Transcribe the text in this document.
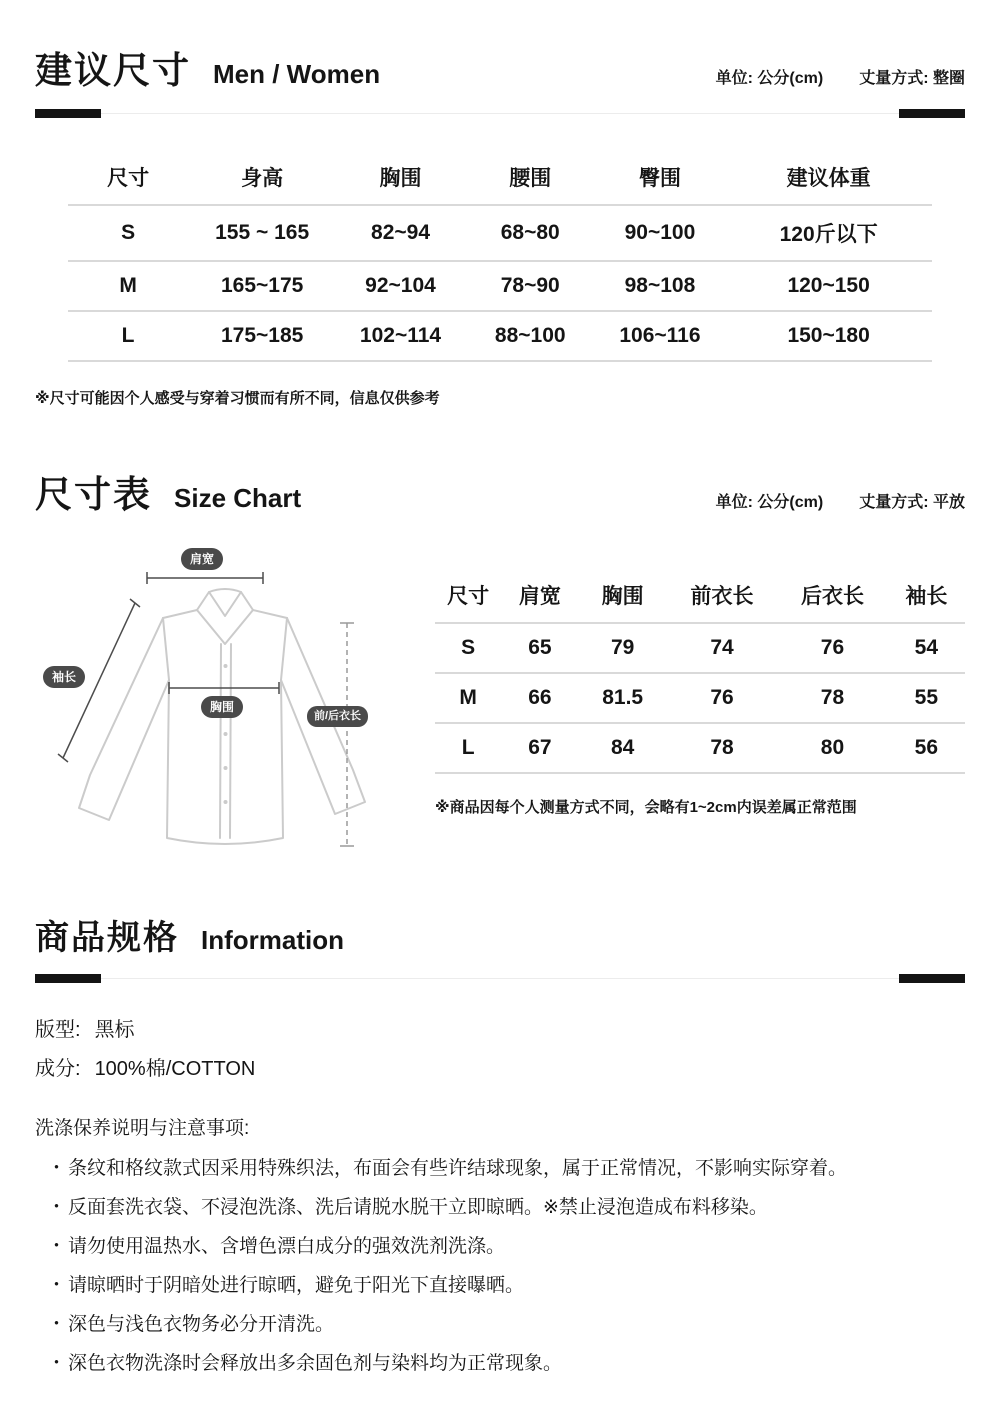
建议尺寸 Men / Women	单位: 公分(cm) 丈量方式: 整圈
尺寸	身高	胸围	腰围	臀围	建议体重
S	155 ~ 165	82~94	68~80	90~100	120斤以下
M	165~175	92~104	78~90	98~108	120~150
L	175~185	102~114	88~100	106~116	150~180

※尺寸可能因个人感受与穿着习惯而有所不同，信息仅供参考

尺寸表 Size Chart	单位: 公分(cm) 丈量方式: 平放
肩宽
袖长
胸围
前/后衣长
尺寸	肩宽	胸围	前衣长	后衣长	袖长
S	65	79	74	76	54
M	66	81.5	76	78	55
L	67	84	78	80	56

※商品因每个人测量方式不同，会略有1~2cm内误差属正常范围

商品规格 Information
版型: 黑标
成分: 100%棉/COTTON

洗涤保养说明与注意事项:

・ 条纹和格纹款式因采用特殊织法，布面会有些许结球现象，属于正常情况，不影响实际穿着。
・ 反面套洗衣袋、不浸泡洗涤、洗后请脱水脱干立即晾晒。※禁止浸泡造成布料移染。
・ 请勿使用温热水、含增色漂白成分的强效洗剂洗涤。
・ 请晾晒时于阴暗处进行晾晒，避免于阳光下直接曝晒。
・ 深色与浅色衣物务必分开清洗。
・ 深色衣物洗涤时会释放出多余固色剂与染料均为正常现象。
